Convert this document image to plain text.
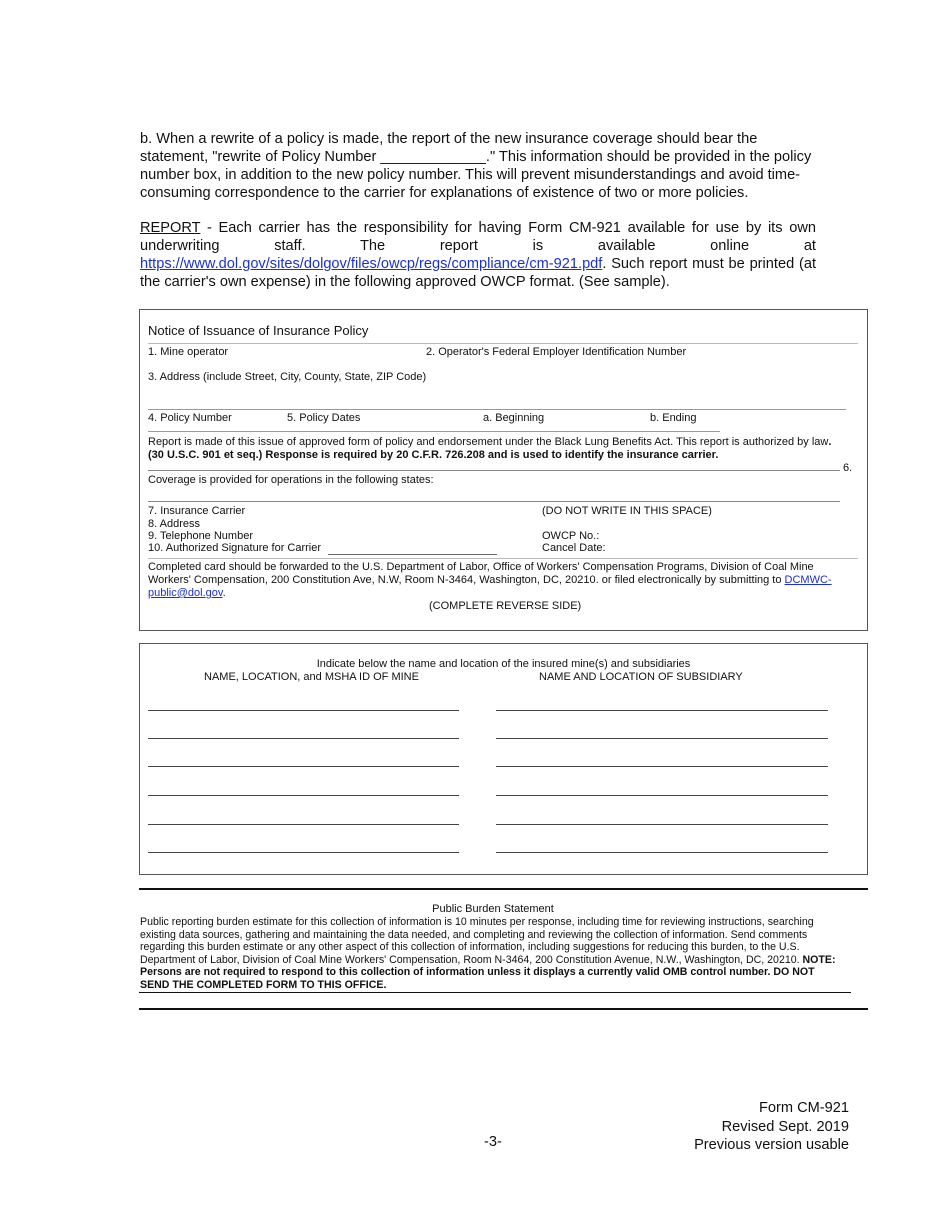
b. When a rewrite of a policy is made, the report of the new insurance coverage should bear the statement, "rewrite of Policy Number _____________." This information should be provided in the policy number box, in addition to the new policy number. This will prevent misunderstandings and avoid time-consuming correspondence to the carrier for explanations of existence of two or more policies.

REPORT - Each carrier has the responsibility for having Form CM-921 available for use by its own underwriting staff. The report is available online at https://www.dol.gov/sites/dolgov/files/owcp/regs/compliance/cm-921.pdf. Such report must be printed (at the carrier's own expense) in the following approved OWCP format. (See sample).

Notice of Issuance of Insurance Policy

1. Mine operator	2. Operator's Federal Employer Identification Number

3. Address (include Street, City, County, State, ZIP Code)

4. Policy Number	5. Policy Dates	a. Beginning	b. Ending

Report is made of this issue of approved form of policy and endorsement under the Black Lung Benefits Act. This report is authorized by law. (30 U.S.C. 901 et seq.) Response is required by 20 C.F.R. 726.208 and is used to identify the insurance carrier.

6.

Coverage is provided for operations in the following states:

7. Insurance Carrier	(DO NOT WRITE IN THIS SPACE)

8. Address

9. Telephone Number	OWCP No.:

10. Authorized Signature for Carrier	Cancel Date:

Completed card should be forwarded to the U.S. Department of Labor, Office of Workers' Compensation Programs, Division of Coal Mine Workers' Compensation, 200 Constitution Ave, N.W, Room N-3464, Washington, DC, 20210. or filed electronically by submitting to DCMWC-public@dol.gov.

(COMPLETE REVERSE SIDE)

Indicate below the name and location of the insured mine(s) and subsidiaries

NAME, LOCATION, and MSHA ID OF MINE	NAME AND LOCATION OF SUBSIDIARY

Public Burden Statement

Public reporting burden estimate for this collection of information is 10 minutes per response, including time for reviewing instructions, searching existing data sources, gathering and maintaining the data needed, and completing and reviewing the collection of information. Send comments regarding this burden estimate or any other aspect of this collection of information, including suggestions for reducing this burden, to the U.S. Department of Labor, Division of Coal Mine Workers' Compensation, Room N-3464, 200 Constitution Avenue, N.W., Washington, DC, 20210. NOTE: Persons are not required to respond to this collection of information unless it displays a currently valid OMB control number. DO NOT SEND THE COMPLETED FORM TO THIS OFFICE.

Form CM-921
Revised Sept. 2019
Previous version usable
-3-
